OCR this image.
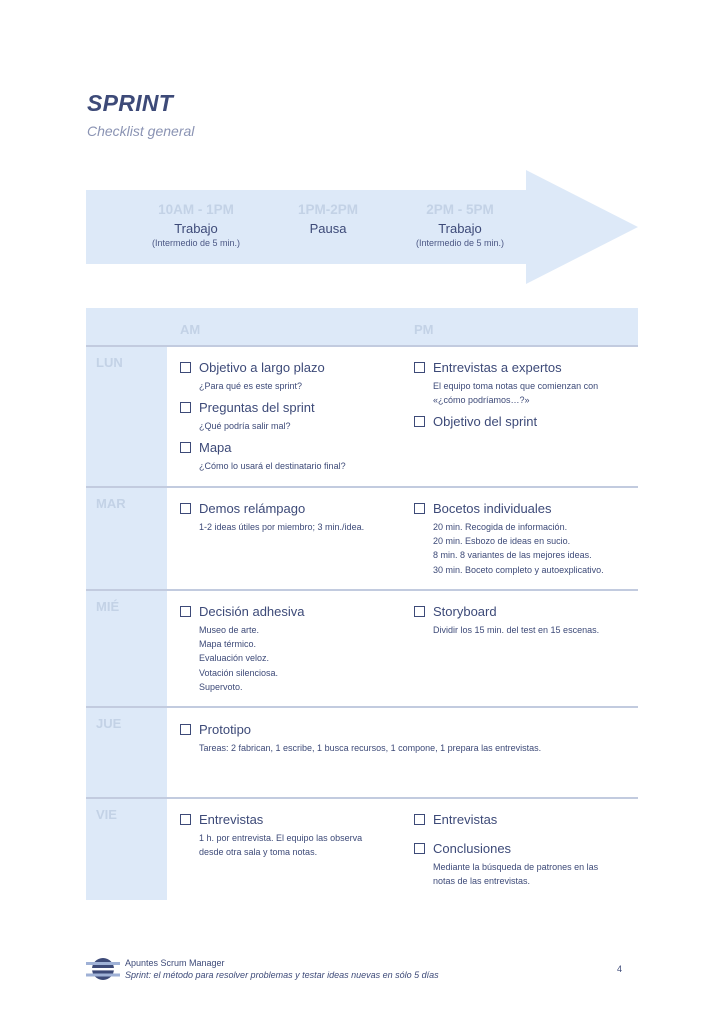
SPRINT
Checklist general
10AM - 1PM
Trabajo
(Intermedio de 5 min.)
1PM-2PM
Pausa
2PM - 5PM
Trabajo
(Intermedio de 5 min.)
AM	PM
LUN
MAR
MIÉ
JUE
VIE
Objetivo a largo plazo
¿Para qué es este sprint?
Preguntas del sprint
¿Qué podría salir mal?
Mapa
¿Cómo lo usará el destinatario final?
Entrevistas a expertos
El equipo toma notas que comienzan con
«¿cómo podríamos…?»
Objetivo del sprint
Demos relámpago
1-2 ideas útiles por miembro; 3 min./idea.
Bocetos individuales
20 min. Recogida de información.
20 min. Esbozo de ideas en sucio.
8 min. 8 variantes de las mejores ideas.
30 min. Boceto completo y autoexplicativo.
Decisión adhesiva
Museo de arte.
Mapa térmico.
Evaluación veloz.
Votación silenciosa.
Supervoto.
Storyboard
Dividir los 15 min. del test en 15 escenas.
Prototipo
Tareas: 2 fabrican, 1 escribe, 1 busca recursos, 1 compone, 1 prepara las entrevistas.
Entrevistas
1 h. por entrevista. El equipo las observa
desde otra sala y toma notas.
Entrevistas
Conclusiones
Mediante la búsqueda de patrones en las
notas de las entrevistas.
Apuntes Scrum Manager
Sprint: el método para resolver problemas y testar ideas nuevas en sólo 5 días
4
